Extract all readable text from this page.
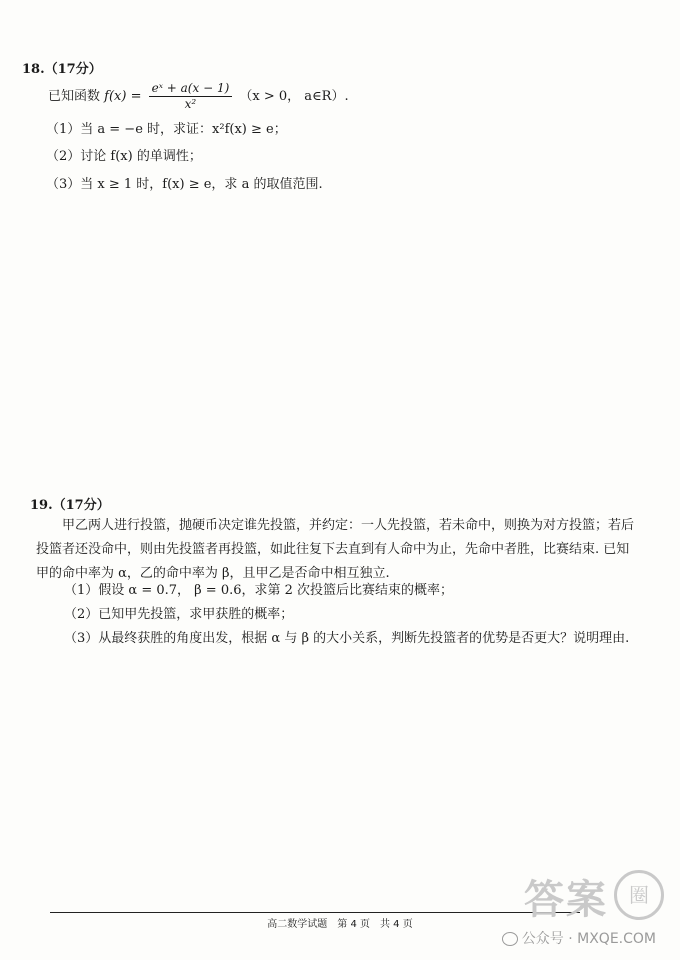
18.（17分）
已知函数 $f(x) = \frac{\text{eˣ + a(x − 1)}}{\text{x²}} (x > 0$， a∈R）.
（1）当 a = −e 时，求证：x²f(x) ≥ e；
（2）讨论 f(x) 的单调性；
（3）当 x ≥ 1 时，f(x) ≥ e，求 a 的取值范围.
19.（17分）
甲乙两人进行投篮，抛硬币决定谁先投篮，并约定：一人先投篮，若未命中，则换为对方投篮；若后投篮者还没命中，则由先投篮者再投篮，如此往复下去直到有人命中为止，先命中者胜，比赛结束. 已知甲的命中率为 α，乙的命中率为 β，且甲乙是否命中相互独立.
（1）假设 α = 0.7， β = 0.6，求第 2 次投篮后比赛结束的概率；
（2）已知甲先投篮，求甲获胜的概率；
（3）从最终获胜的角度出发，根据 α 与 β 的大小关系，判断先投篮者的优势是否更大？说明理由.
高二数学试题　第 4 页　共 4 页
答案	圈
公众号 · MXQE.COM
